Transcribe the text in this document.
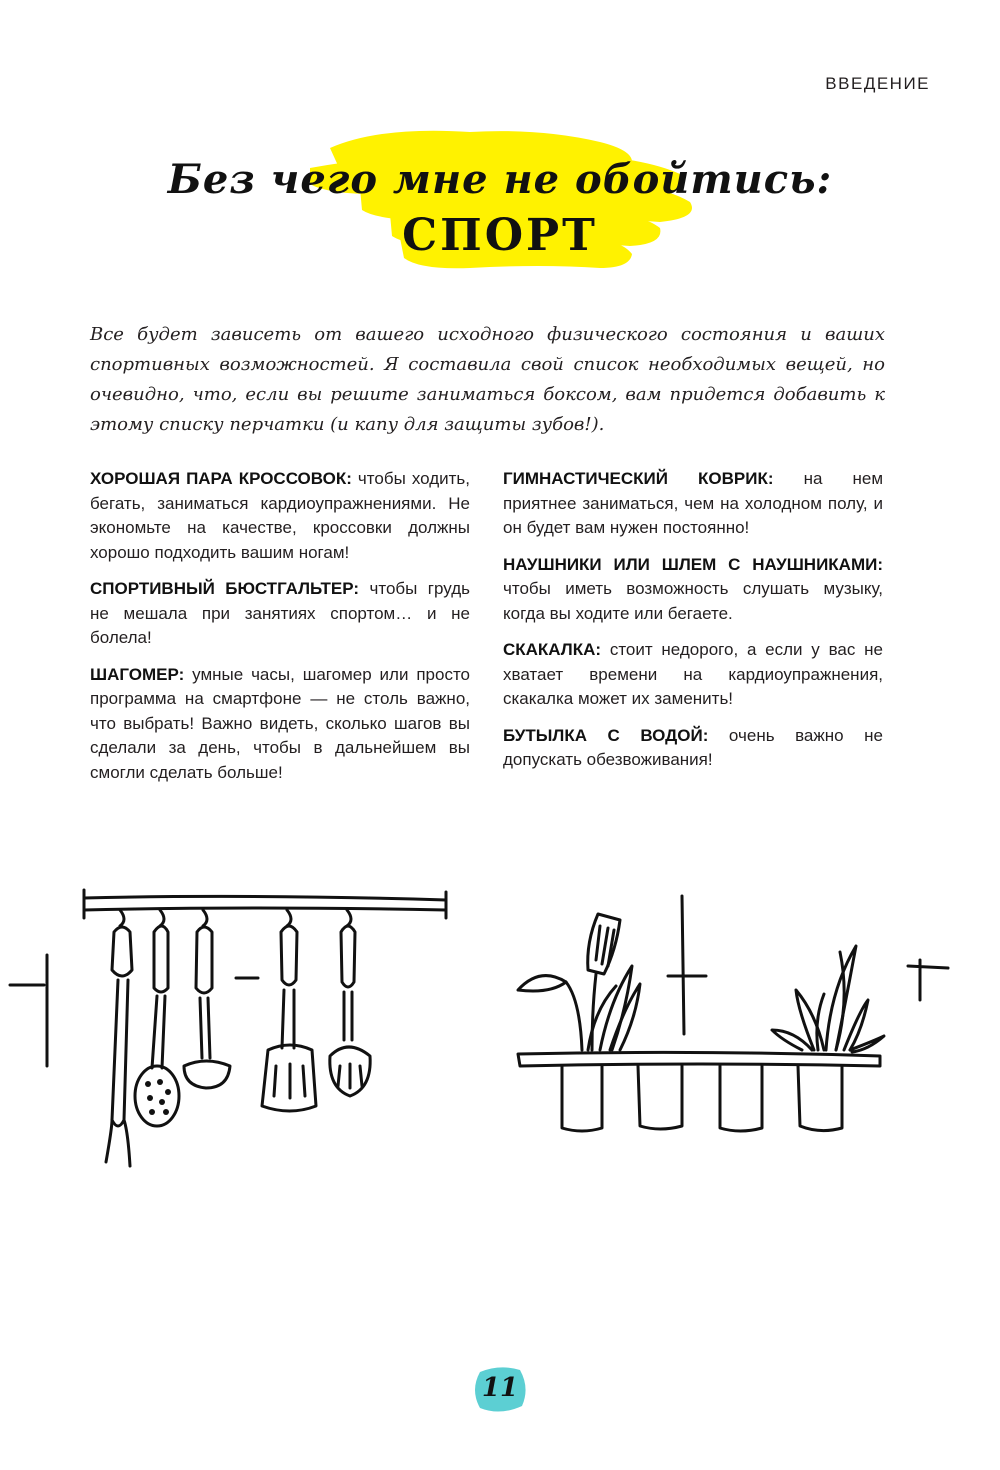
ВВЕДЕНИЕ
Без чего мне не обойтись:
СПОРТ
Все будет зависеть от вашего исходного физического состояния и ваших спортивных возможностей. Я составила свой список необходимых вещей, но очевидно, что, если вы решите заниматься боксом, вам придется добавить к этому списку перчатки (и капу для защиты зубов!).

ХОРОШАЯ ПАРА КРОССОВОК: чтобы ходить, бегать, заниматься кардиоупражнениями. Не экономьте на качестве, кроссовки должны хорошо подходить вашим ногам!

СПОРТИВНЫЙ БЮСТГАЛЬТЕР: чтобы грудь не мешала при занятиях спортом… и не болела!

ШАГОМЕР: умные часы, шагомер или просто программа на смартфоне — не столь важно, что выбрать! Важно видеть, сколько шагов вы сделали за день, чтобы в дальнейшем вы смогли сделать больше!

ГИМНАСТИЧЕСКИЙ КОВРИК: на нем приятнее заниматься, чем на холодном полу, и он будет вам нужен постоянно!

НАУШНИКИ ИЛИ ШЛЕМ С НАУШНИКАМИ: чтобы иметь возможность слушать музыку, когда вы ходите или бегаете.

СКАКАЛКА: стоит недорого, а если у вас не хватает времени на кардиоупражнения, скакалка может их заменить!

БУТЫЛКА С ВОДОЙ: очень важно не допускать обезвоживания!

11
